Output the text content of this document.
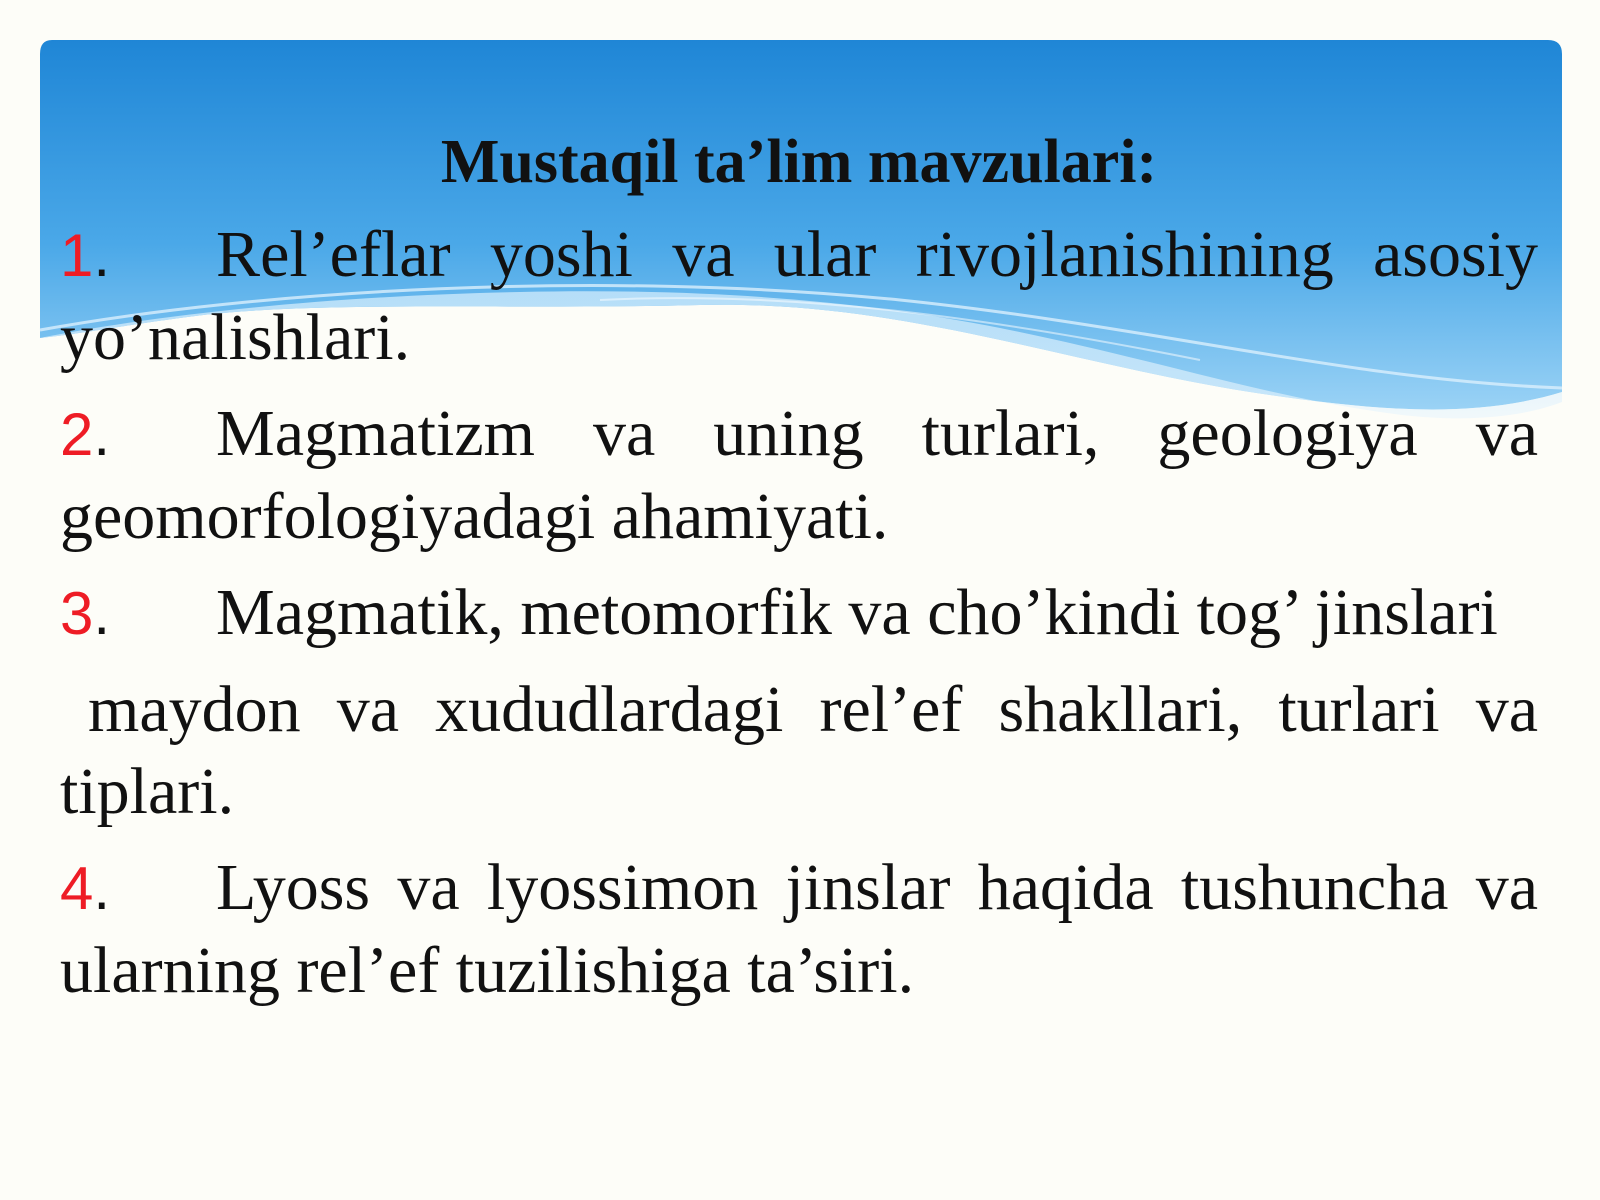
Mustaqil ta’lim mavzulari:

1. Rel’eflar yoshi va ular rivojlanishining asosiy yo’nalishlari.

2. Magmatizm va uning turlari, geologiya va geomorfologiyadagi ahamiyati.

3. Magmatik, metomorfik va cho’kindi tog’ jinslari

maydon va xududlardagi rel’ef shakllari, turlari va tiplari.

4. Lyoss va lyossimon jinslar haqida tushuncha va ularning rel’ef tuzilishiga ta’siri.
